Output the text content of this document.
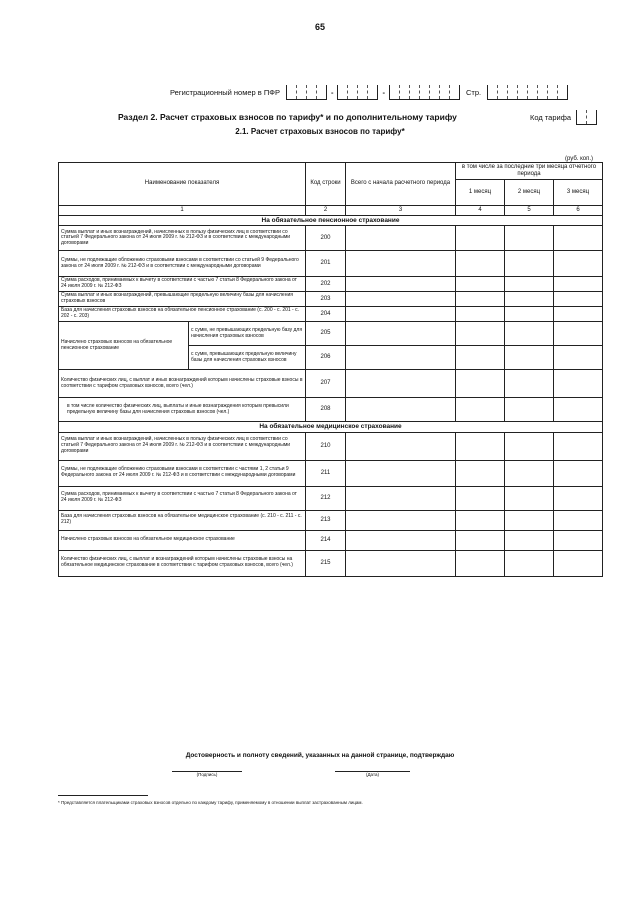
65
Регистрационный номер в ПФР	-	-	Стр.
Раздел 2. Расчет страховых взносов по тарифу* и по дополнительному тарифу	Код тарифа
2.1. Расчет страховых взносов по тарифу*
(руб. коп.)
Наименование показателя		Код строки	Всего с начала расчетного периода	в том числе за последние три месяца отчетного периода		
				1 месяц	2 месяц	3 месяц
1		2	3	4	5	6
На обязательное пенсионное страхование						
Сумма выплат и иных вознаграждений, начисленных в пользу физических лиц в соответствии со статьей 7 Федерального закона от 24 июля 2009 г. № 212-ФЗ и в соответствии с международными договорами		200				
Суммы, не подлежащие обложению страховыми взносами в соответствии со статьей 9 Федерального закона от 24 июля 2009 г. № 212-ФЗ и в соответствии с международными договорами		201				
Сумма расходов, принимаемых к вычету в соответствии с частью 7 статьи 8 Федерального закона от 24 июля 2009 г. № 212-ФЗ		202				
Сумма выплат и иных вознаграждений, превышающие предельную величину базы для начисления страховых взносов		203				
База для начисления страховых взносов на обязательное пенсионное страхование (с. 200 - с. 201 - с. 202 - с. 203)		204				
Начислено страховых взносов на обязательное пенсионное страхование	с сумм, не превышающих предельную базу для начисления страховых взносов	205				
	с сумм, превышающих предельную величину базы для начисления страховых взносов	206				
Количество физических лиц, с выплат и иных вознаграждений которым начислены страховые взносы в соответствии с тарифом страховых взносов, всего (чел.)		207				
в том числе количество физических лиц, выплаты и иные вознаграждения которым превысили предельную величину базы для начисления страховых взносов (чел.)		208				
На обязательное медицинское страхование						
Сумма выплат и иных вознаграждений, начисленных в пользу физических лиц в соответствии со статьей 7 Федерального закона от 24 июля 2009 г. № 212-ФЗ и в соответствии с международными договорами		210				
Суммы, не подлежащие обложению страховыми взносами в соответствии с частями 1, 2 статьи 9 Федерального закона от 24 июля 2009 г. № 212-ФЗ и в соответствии с международными договорами		211				
Сумма расходов, принимаемых к вычету в соответствии с частью 7 статьи 8 Федерального закона от 24 июля 2009 г. № 212-ФЗ		212				
База для начисления страховых взносов на обязательное медицинское страхование (с. 210 - с. 211 - с. 212)		213				
Начислено страховых взносов на обязательное медицинское страхование		214				
Количество физических лиц, с выплат и вознаграждений которым начислены страховые взносы на обязательное медицинское страхование в соответствии с тарифом страховых взносов, всего (чел.)		215				
Достоверность и полноту сведений, указанных на данной странице, подтверждаю
(Подпись)	(Дата)
* Представляется плательщиками страховых взносов отдельно по каждому тарифу, применяемому в отношении выплат застрахованным лицам.
